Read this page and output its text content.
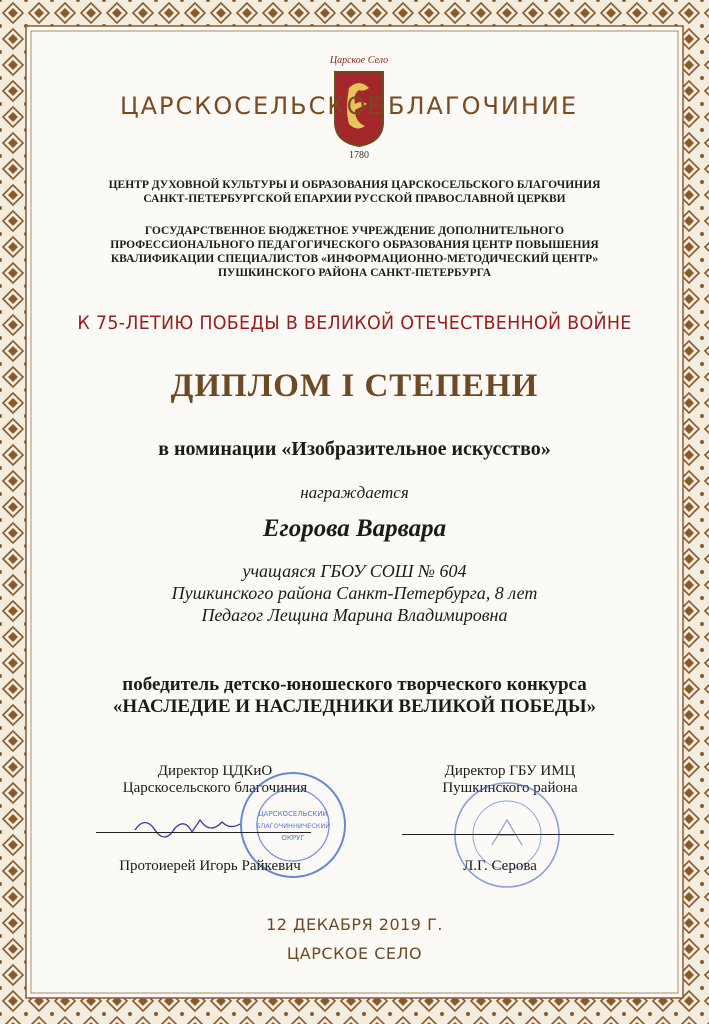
Царское Село
1780
ЦАРСКОСЕЛЬСКОЕ БЛАГОЧИНИЕ
ЦЕНТР ДУХОВНОЙ КУЛЬТУРЫ И ОБРАЗОВАНИЯ ЦАРСКОСЕЛЬСКОГО БЛАГОЧИНИЯ
САНКТ-ПЕТЕРБУРГСКОЙ ЕПАРХИИ РУССКОЙ ПРАВОСЛАВНОЙ ЦЕРКВИ
ГОСУДАРСТВЕННОЕ БЮДЖЕТНОЕ УЧРЕЖДЕНИЕ ДОПОЛНИТЕЛЬНОГО
ПРОФЕССИОНАЛЬНОГО ПЕДАГОГИЧЕСКОГО ОБРАЗОВАНИЯ ЦЕНТР ПОВЫШЕНИЯ
КВАЛИФИКАЦИИ СПЕЦИАЛИСТОВ «ИНФОРМАЦИОННО-МЕТОДИЧЕСКИЙ ЦЕНТР»
ПУШКИНСКОГО РАЙОНА САНКТ-ПЕТЕРБУРГА
К 75-ЛЕТИЮ ПОБЕДЫ В ВЕЛИКОЙ ОТЕЧЕСТВЕННОЙ ВОЙНЕ
ДИПЛОМ I СТЕПЕНИ
в номинации «Изобразительное искусство»
награждается
Егорова Варвара
учащаяся ГБОУ СОШ № 604
Пушкинского района Санкт-Петербурга, 8 лет
Педагог Лещина Марина Владимировна
победитель детско-юношеского творческого конкурса
«НАСЛЕДИЕ И НАСЛЕДНИКИ ВЕЛИКОЙ ПОБЕДЫ»
Директор ЦДКиО
Царскосельского благочиния
ЦАРСКОСЕЛЬСКИЙ
БЛАГОЧИННИЧЕСКИЙ
ОКРУГ
Протоиерей Игорь Райкевич
Директор ГБУ ИМЦ
Пушкинского района
Л.Г. Серова
12 ДЕКАБРЯ 2019 Г.
ЦАРСКОЕ СЕЛО
